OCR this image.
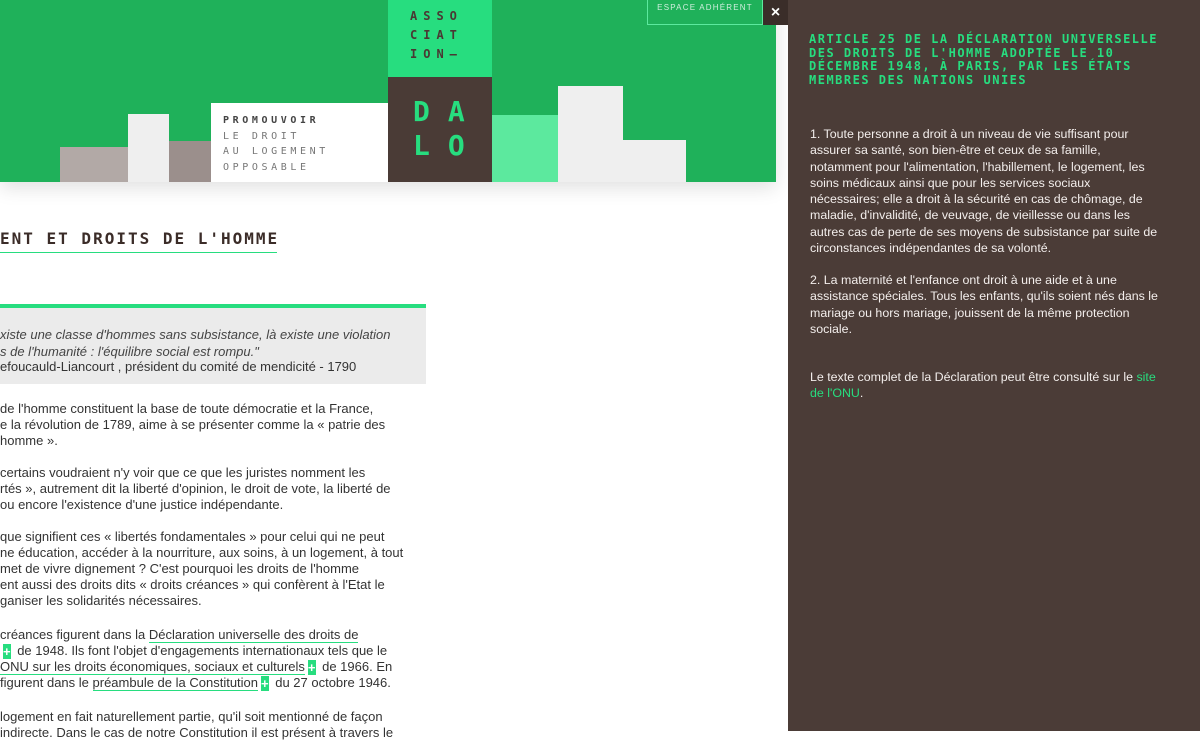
PROMOUVOIR
LE DROIT
AU LOGEMENT
OPPOSABLE
ASSO
CIAT
ION–
DA
LO
ESPACE ADHÉRENT
ENT ET DROITS DE L'HOMME
xiste une classe d'hommes sans subsistance, là existe une violation
s de l'humanité : l'équilibre social est rompu."
efoucauld-Liancourt , président du comité de mendicité - 1790
de l'homme constituent la base de toute démocratie et la France,
e la révolution de 1789, aime à se présenter comme la « patrie des
homme ».
certains voudraient n'y voir que ce que les juristes nomment les
rtés », autrement dit la liberté d'opinion, le droit de vote, la liberté de
ou encore l'existence d'une justice indépendante.
que signifient ces « libertés fondamentales » pour celui qui ne peut
ne éducation, accéder à la nourriture, aux soins, à un logement, à tout
met de vivre dignement ? C'est pourquoi les droits de l'homme
ent aussi des droits dits « droits créances » qui confèrent à l'Etat le
ganiser les solidarités nécessaires.
créances figurent dans la Déclaration universelle des droits de
+ de 1948. Ils font l'objet d'engagements internationaux tels que le
ONU sur les droits économiques, sociaux et culturels + de 1966. En
figurent dans le préambule de la Constitution + du 27 octobre 1946.
logement en fait naturellement partie, qu'il soit mentionné de façon
indirecte. Dans le cas de notre Constitution il est présent à travers le
×
ARTICLE 25 DE LA DÉCLARATION UNIVERSELLE DES DROITS DE L'HOMME ADOPTÉE LE 10 DÉCEMBRE 1948, À PARIS, PAR LES ÉTATS MEMBRES DES NATIONS UNIES
1. Toute personne a droit à un niveau de vie suffisant pour
assurer sa santé, son bien-être et ceux de sa famille,
notamment pour l'alimentation, l'habillement, le logement, les
soins médicaux ainsi que pour les services sociaux
nécessaires; elle a droit à la sécurité en cas de chômage, de
maladie, d'invalidité, de veuvage, de vieillesse ou dans les
autres cas de perte de ses moyens de subsistance par suite de
circonstances indépendantes de sa volonté.
2. La maternité et l'enfance ont droit à une aide et à une
assistance spéciales. Tous les enfants, qu'ils soient nés dans le
mariage ou hors mariage, jouissent de la même protection
sociale.
Le texte complet de la Déclaration peut être consulté sur le site
de l'ONU.
